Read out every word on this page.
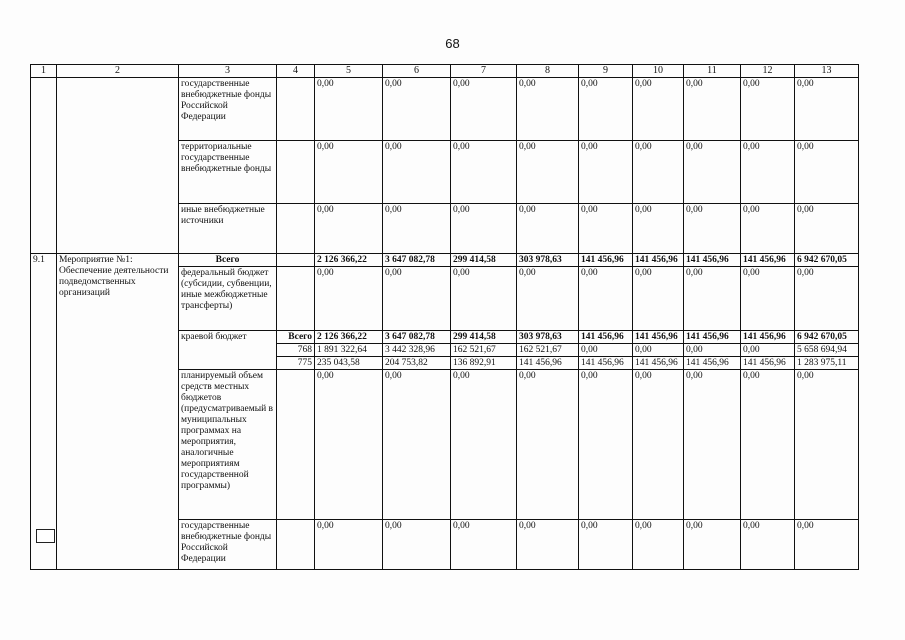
68
1	2	3	4	5	6	7	8	9	10	11	12	13
		государственные внебюджетные фонды Российской Федерации		0,00	0,00	0,00	0,00	0,00	0,00	0,00	0,00	0,00
		территориальные государственные внебюджетные фонды		0,00	0,00	0,00	0,00	0,00	0,00	0,00	0,00	0,00
		иные внебюджетные источники		0,00	0,00	0,00	0,00	0,00	0,00	0,00	0,00	0,00
9.1	Мероприятие №1: Обеспечение деятельности подведомственных организаций	Всего		2 126 366,22	3 647 082,78	299 414,58	303 978,63	141 456,96	141 456,96	141 456,96	141 456,96	6 942 670,05
		федеральный бюджет (субсидии, субвенции, иные межбюджетные трансферты)		0,00	0,00	0,00	0,00	0,00	0,00	0,00	0,00	0,00
		краевой бюджет	Всего	2 126 366,22	3 647 082,78	299 414,58	303 978,63	141 456,96	141 456,96	141 456,96	141 456,96	6 942 670,05
			768	1 891 322,64	3 442 328,96	162 521,67	162 521,67	0,00	0,00	0,00	0,00	5 658 694,94
			775	235 043,58	204 753,82	136 892,91	141 456,96	141 456,96	141 456,96	141 456,96	141 456,96	1 283 975,11
		планируемый объем средств местных бюджетов (предусматриваемый в муниципальных программах на мероприятия, аналогичные мероприятиям государственной программы)		0,00	0,00	0,00	0,00	0,00	0,00	0,00	0,00	0,00
		государственные внебюджетные фонды Российской Федерации		0,00	0,00	0,00	0,00	0,00	0,00	0,00	0,00	0,00
